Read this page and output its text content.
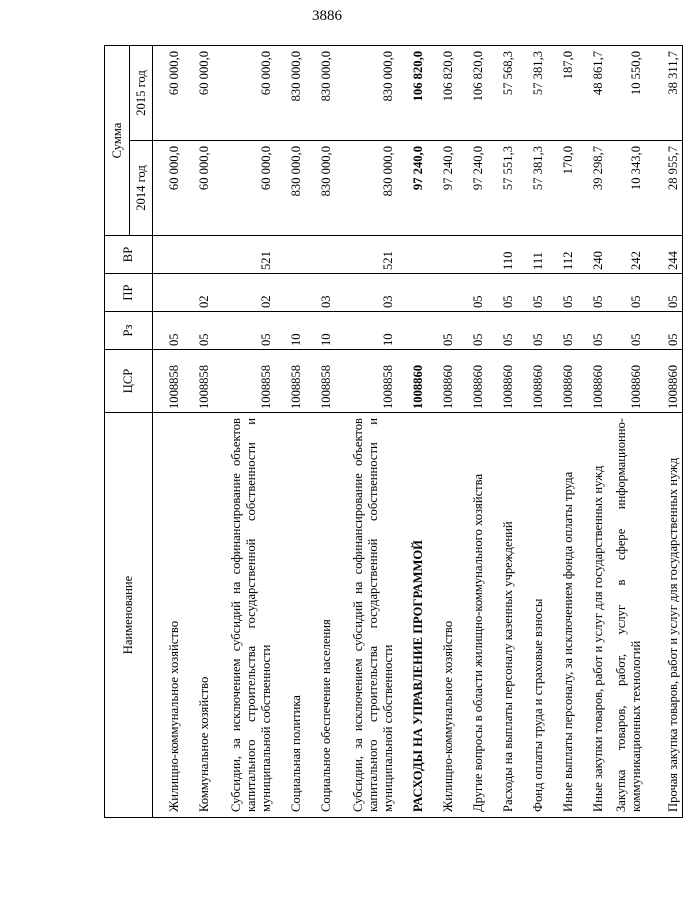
3886
Наименование	ЦСР	Рз	ПР	ВР	Сумма	
					2014 год	2015 год
Жилищно-коммунальное хозяйство	1008858	05			60 000,0	60 000,0
Коммунальное хозяйство	1008858	05	02		60 000,0	60 000,0
Субсидии, за исключением субсидий на софинансирование объектов капитального строительства государственной собственности и муниципальной собственности	1008858	05	02	521	60 000,0	60 000,0
Социальная политика	1008858	10			830 000,0	830 000,0
Социальное обеспечение населения	1008858	10	03		830 000,0	830 000,0
Субсидии, за исключением субсидий на софинансирование объектов капитального строительства государственной собственности и муниципальной собственности	1008858	10	03	521	830 000,0	830 000,0
РАСХОДЫ НА УПРАВЛЕНИЕ ПРОГРАММОЙ	1008860				97 240,0	106 820,0
Жилищно-коммунальное хозяйство	1008860	05			97 240,0	106 820,0
Другие вопросы в области жилищно-коммунального хозяйства	1008860	05	05		97 240,0	106 820,0
Расходы на выплаты персоналу казенных учреждений	1008860	05	05	110	57 551,3	57 568,3
Фонд оплаты труда и страховые взносы	1008860	05	05	111	57 381,3	57 381,3
Иные выплаты персоналу, за исключением фонда оплаты труда	1008860	05	05	112	170,0	187,0
Иные закупки товаров, работ и услуг для государственных нужд	1008860	05	05	240	39 298,7	48 861,7
Закупка товаров, работ, услуг в сфере информационно-коммуникационных технологий	1008860	05	05	242	10 343,0	10 550,0
Прочая закупка товаров, работ и услуг для государственных нужд	1008860	05	05	244	28 955,7	38 311,7
